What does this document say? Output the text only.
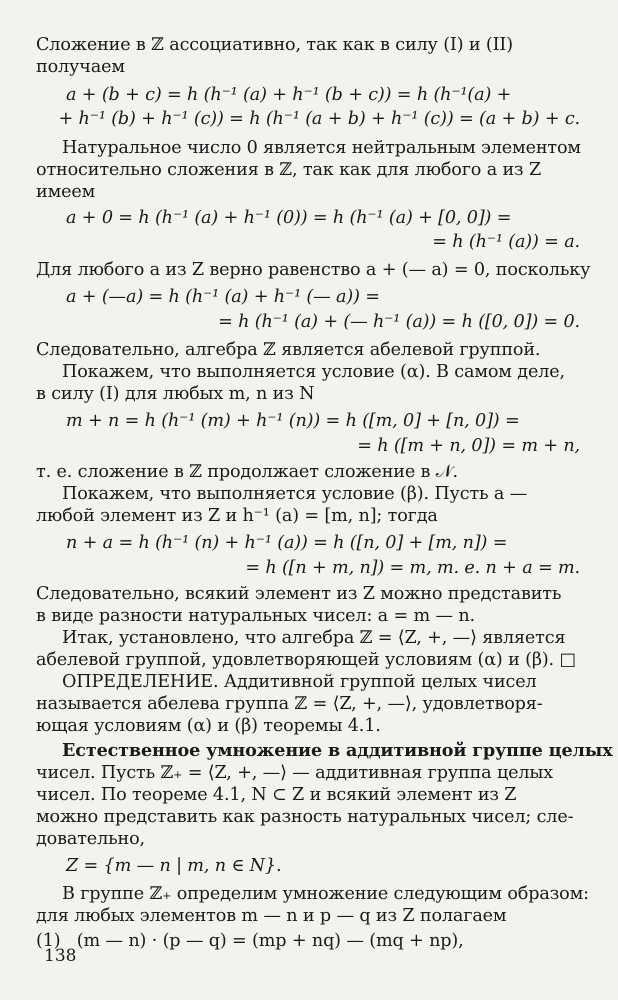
Сложение в ℤ ассоциативно, так как в силу (I) и (II)
получаем
a + (b + c) = h (h⁻¹ (a) + h⁻¹ (b + c)) = h (h⁻¹(a) +
+ h⁻¹ (b) + h⁻¹ (c)) = h (h⁻¹ (a + b) + h⁻¹ (c)) = (a + b) + c.
Натуральное число 0 является нейтральным элементом
относительно сложения в ℤ, так как для любого a из Z
имеем
a + 0 = h (h⁻¹ (a) + h⁻¹ (0)) = h (h⁻¹ (a) + [0, 0]) =
= h (h⁻¹ (a)) = a.
Для любого a из Z верно равенство a + (— a) = 0, поскольку
a + (—a) = h (h⁻¹ (a) + h⁻¹ (— a)) =
= h (h⁻¹ (a) + (— h⁻¹ (a)) = h ([0, 0]) = 0.
Следовательно, алгебра ℤ является абелевой группой.
Покажем, что выполняется условие (α). В самом деле,
в силу (I) для любых m, n из N
m + n = h (h⁻¹ (m) + h⁻¹ (n)) = h ([m, 0] + [n, 0]) =
= h ([m + n, 0]) = m + n,
т. е. сложение в ℤ продолжает сложение в 𝒩.
Покажем, что выполняется условие (β). Пусть a —
любой элемент из Z и h⁻¹ (a) = [m, n]; тогда
n + a = h (h⁻¹ (n) + h⁻¹ (a)) = h ([n, 0] + [m, n]) =
= h ([n + m, n]) = m, т. е. n + a = m.
Следовательно, всякий элемент из Z можно представить
в виде разности натуральных чисел: a = m — n.
Итак, установлено, что алгебра ℤ = ⟨Z, +, —⟩ является
абелевой группой, удовлетворяющей условиям (α) и (β). □
ОПРЕДЕЛЕНИЕ. Аддитивной группой целых чисел
называется абелева группа ℤ = ⟨Z, +, —⟩, удовлетворя-
ющая условиям (α) и (β) теоремы 4.1.
Естественное умножение в аддитивной группе целых
чисел. Пусть ℤ₊ = ⟨Z, +, —⟩ — аддитивная группа целых
чисел. По теореме 4.1, N ⊂ Z и всякий элемент из Z
можно представить как разность натуральных чисел; сле-
довательно,
Z = {m — n | m, n ∈ N}.
В группе ℤ₊ определим умножение следующим образом:
для любых элементов m — n и p — q из Z полагаем
(1)   (m — n) · (p — q) = (mp + nq) — (mq + np),
138
